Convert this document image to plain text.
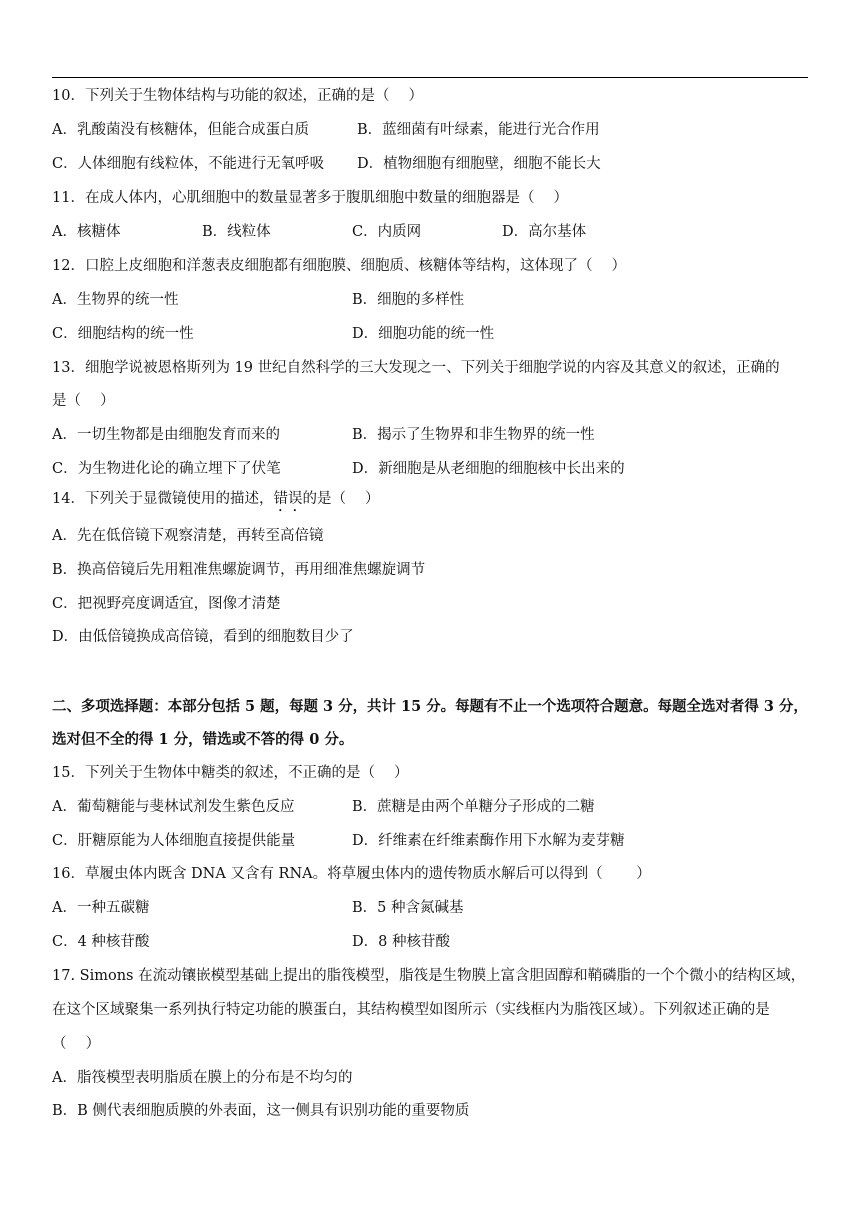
10．下列关于生物体结构与功能的叙述，正确的是（　 ）
A．乳酸菌没有核糖体，但能合成蛋白质	B．蓝细菌有叶绿素，能进行光合作用
C．人体细胞有线粒体，不能进行无氧呼吸 D．植物细胞有细胞壁，细胞不能长大
11．在成人体内，心肌细胞中的数量显著多于腹肌细胞中数量的细胞器是（　 ）
A．核糖体	B．线粒体	C．内质网	D．高尔基体
12．口腔上皮细胞和洋葱表皮细胞都有细胞膜、细胞质、核糖体等结构，这体现了（　 ）
A．生物界的统一性	B．细胞的多样性
C．细胞结构的统一性	D．细胞功能的统一性
13．细胞学说被恩格斯列为 19 世纪自然科学的三大发现之一、下列关于细胞学说的内容及其意义的叙述，正确的
是（　 ）
A．一切生物都是由细胞发育而来的	B．揭示了生物界和非生物界的统一性
C．为生物进化论的确立埋下了伏笔	D．新细胞是从老细胞的细胞核中长出来的
14．下列关于显微镜使用的描述，错误的是（　 ）
A．先在低倍镜下观察清楚，再转至高倍镜
B．换高倍镜后先用粗准焦螺旋调节，再用细准焦螺旋调节
C．把视野亮度调适宜，图像才清楚
D．由低倍镜换成高倍镜，看到的细胞数目少了
二、多项选择题：本部分包括 5 题，每题 3 分，共计 15 分。每题有不止一个选项符合题意。每题全选对者得 3 分，
选对但不全的得 1 分，错选或不答的得 0 分。
15．下列关于生物体中糖类的叙述，不正确的是（　 ）
A．葡萄糖能与斐林试剂发生紫色反应	B．蔗糖是由两个单糖分子形成的二糖
C．肝糖原能为人体细胞直接提供能量	D．纤维素在纤维素酶作用下水解为麦芽糖
16．草履虫体内既含 DNA 又含有 RNA。将草履虫体内的遗传物质水解后可以得到（　　 ）
A．一种五碳糖	B．5 种含氮碱基
C．4 种核苷酸	D．8 种核苷酸
17. Simons 在流动镶嵌模型基础上提出的脂筏模型，脂筏是生物膜上富含胆固醇和鞘磷脂的一个个微小的结构区域，
在这个区域聚集一系列执行特定功能的膜蛋白，其结构模型如图所示（实线框内为脂筏区域）。下列叙述正确的是
（　 ）
A．脂筏模型表明脂质在膜上的分布是不均匀的
B．B 侧代表细胞质膜的外表面，这一侧具有识别功能的重要物质
